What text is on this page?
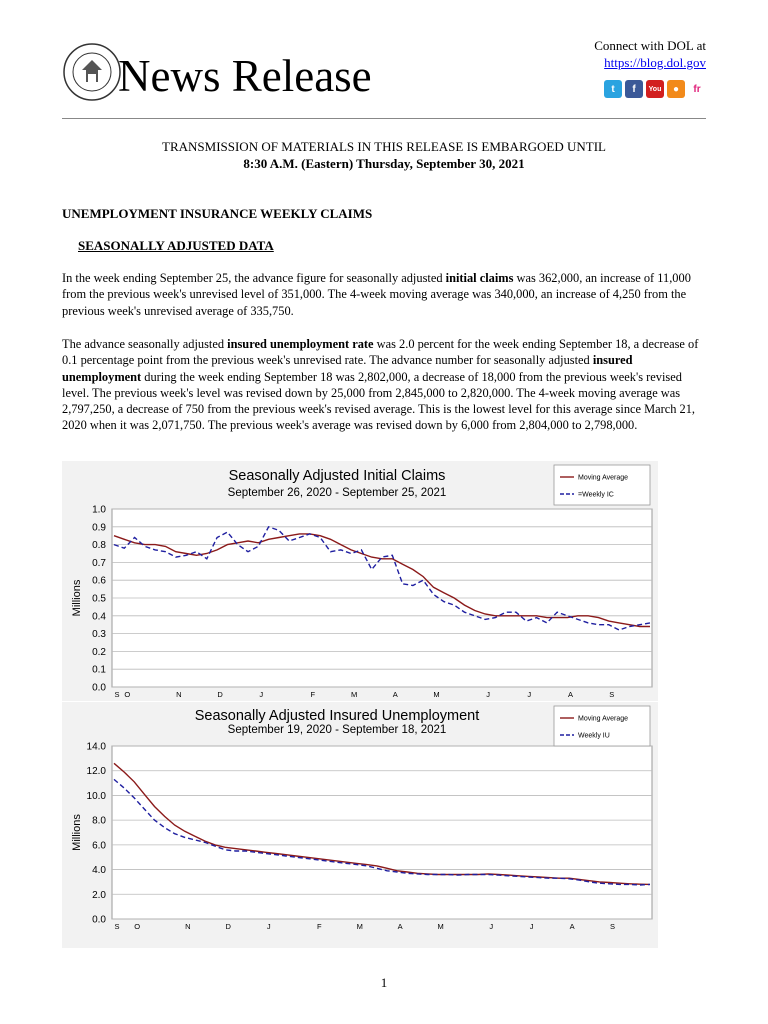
News Release
Connect with DOL at
https://blog.dol.gov
t	f	You	●	fr
TRANSMISSION OF MATERIALS IN THIS RELEASE IS EMBARGOED UNTIL
8:30 A.M. (Eastern) Thursday, September 30, 2021
UNEMPLOYMENT INSURANCE WEEKLY CLAIMS
SEASONALLY ADJUSTED DATA
In the week ending September 25, the advance figure for seasonally adjusted initial claims was 362,000, an increase of 11,000 from the previous week's unrevised level of 351,000. The 4-week moving average was 340,000, an increase of 4,250 from the previous week's unrevised average of 335,750.
The advance seasonally adjusted insured unemployment rate was 2.0 percent for the week ending September 18, a decrease of 0.1 percentage point from the previous week's unrevised rate. The advance number for seasonally adjusted insured unemployment during the week ending September 18 was 2,802,000, a decrease of 18,000 from the previous week's revised level. The previous week's level was revised down by 25,000 from 2,845,000 to 2,820,000. The 4-week moving average was 2,797,250, a decrease of 750 from the previous week's revised average. This is the lowest level for this average since March 21, 2020 when it was 2,071,750. The previous week's average was revised down by 6,000 from 2,804,000 to 2,798,000.
1.0
0.9
0.8
0.7
0.6
0.5
0.4
0.3
0.2
0.1
0.0
Millions
Seasonally Adjusted Initial Claims
September 26, 2020 - September 25, 2021
S O	N	D	J	F	M	A	M	J	J	A	S
Moving Average
=Weekly IC
14.0
12.0
10.0
8.0
6.0
4.0
2.0
0.0
Millions
Seasonally Adjusted Insured Unemployment
September 19, 2020 - September 18, 2021
S O	N	D	J	F	M	A	M	J	J	A	S
Moving Average
Weekly IU
1
